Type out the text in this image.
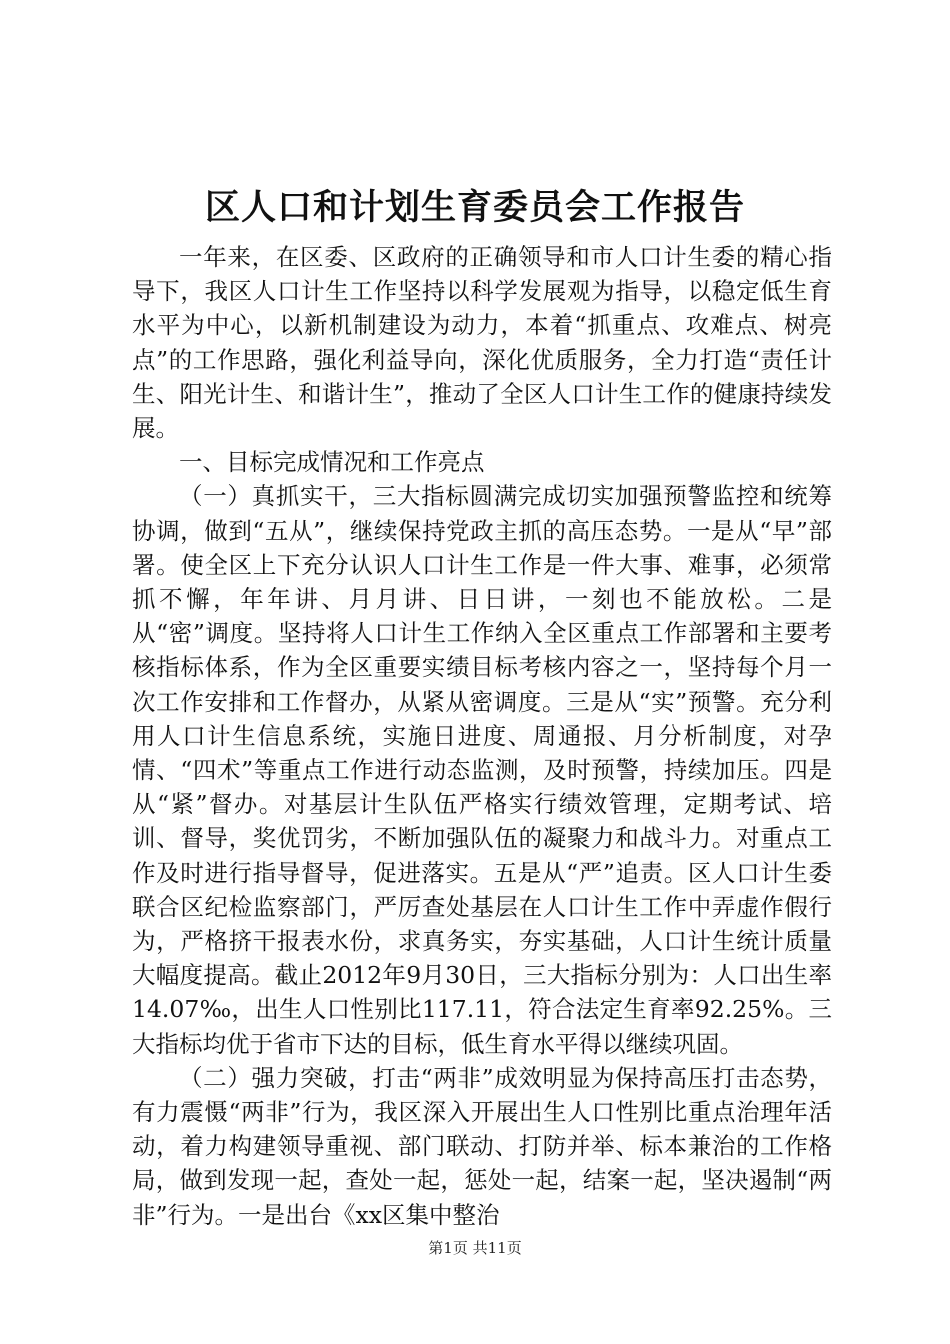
区人口和计划生育委员会工作报告

一年来，在区委、区政府的正确领导和市人口计生委的精心指导下，我区人口计生工作坚持以科学发展观为指导，以稳定低生育水平为中心，以新机制建设为动力，本着“抓重点、攻难点、树亮点”的工作思路，强化利益导向，深化优质服务，全力打造“责任计生、阳光计生、和谐计生”，推动了全区人口计生工作的健康持续发展。

一、目标完成情况和工作亮点

（一）真抓实干，三大指标圆满完成切实加强预警监控和统筹协调，做到“五从”，继续保持党政主抓的高压态势。一是从“早”部署。使全区上下充分认识人口计生工作是一件大事、难事，必须常抓不懈，年年讲、月月讲、日日讲，一刻也不能放松。二是从“密”调度。坚持将人口计生工作纳入全区重点工作部署和主要考核指标体系，作为全区重要实绩目标考核内容之一，坚持每个月一次工作安排和工作督办，从紧从密调度。三是从“实”预警。充分利用人口计生信息系统，实施日进度、周通报、月分析制度，对孕情、“四术”等重点工作进行动态监测，及时预警，持续加压。四是从“紧”督办。对基层计生队伍严格实行绩效管理，定期考试、培训、督导，奖优罚劣，不断加强队伍的凝聚力和战斗力。对重点工作及时进行指导督导，促进落实。五是从“严”追责。区人口计生委联合区纪检监察部门，严厉查处基层在人口计生工作中弄虚作假行为，严格挤干报表水份，求真务实，夯实基础，人口计生统计质量大幅度提高。截止2012年9月30日，三大指标分别为：人口出生率14.07‰，出生人口性别比117.11，符合法定生育率92.25%。三大指标均优于省市下达的目标，低生育水平得以继续巩固。

（二）强力突破，打击“两非”成效明显为保持高压打击态势，有力震慑“两非”行为，我区深入开展出生人口性别比重点治理年活动，着力构建领导重视、部门联动、打防并举、标本兼治的工作格局，做到发现一起，查处一起，惩处一起，结案一起，坚决遏制“两非”行为。一是出台《xx区集中整治

第1页 共11页
